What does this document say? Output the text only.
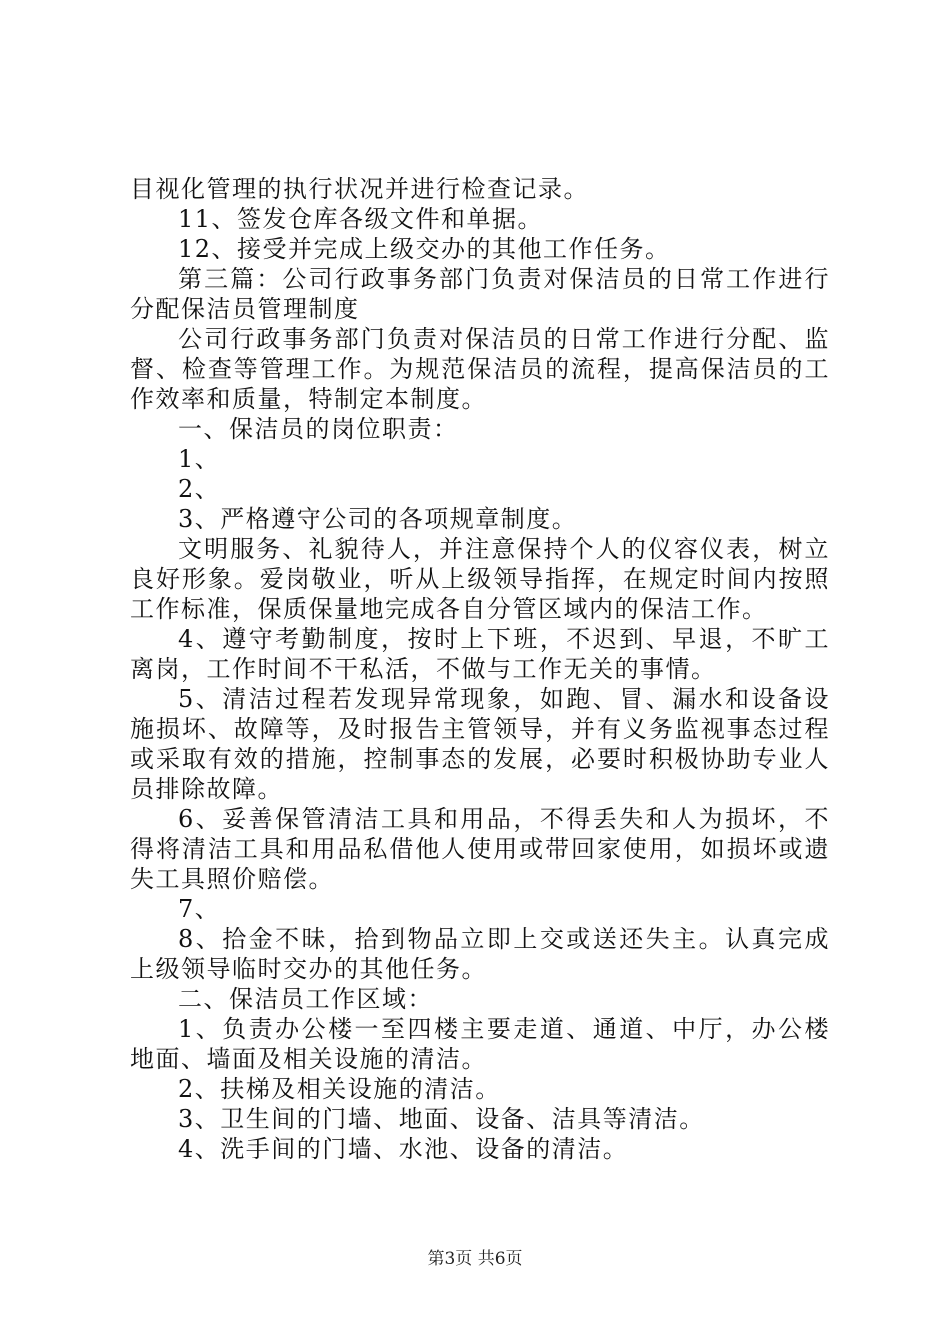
目视化管理的执行状况并进行检查记录。

11、签发仓库各级文件和单据。

12、接受并完成上级交办的其他工作任务。

第三篇：公司行政事务部门负责对保洁员的日常工作进行分配保洁员管理制度

公司行政事务部门负责对保洁员的日常工作进行分配、监督、检查等管理工作。为规范保洁员的流程，提高保洁员的工作效率和质量，特制定本制度。

一、保洁员的岗位职责：

1、

2、

3、严格遵守公司的各项规章制度。

文明服务、礼貌待人，并注意保持个人的仪容仪表，树立良好形象。爱岗敬业，听从上级领导指挥，在规定时间内按照工作标准，保质保量地完成各自分管区域内的保洁工作。

4、遵守考勤制度，按时上下班，不迟到、早退，不旷工离岗，工作时间不干私活，不做与工作无关的事情。

5、清洁过程若发现异常现象，如跑、冒、漏水和设备设施损坏、故障等，及时报告主管领导，并有义务监视事态过程或采取有效的措施，控制事态的发展，必要时积极协助专业人员排除故障。

6、妥善保管清洁工具和用品，不得丢失和人为损坏，不得将清洁工具和用品私借他人使用或带回家使用，如损坏或遗失工具照价赔偿。

7、

8、拾金不昧，拾到物品立即上交或送还失主。认真完成上级领导临时交办的其他任务。

二、保洁员工作区域：

1、负责办公楼一至四楼主要走道、通道、中厅，办公楼地面、墙面及相关设施的清洁。

2、扶梯及相关设施的清洁。

3、卫生间的门墙、地面、设备、洁具等清洁。

4、洗手间的门墙、水池、设备的清洁。

第3页 共6页
